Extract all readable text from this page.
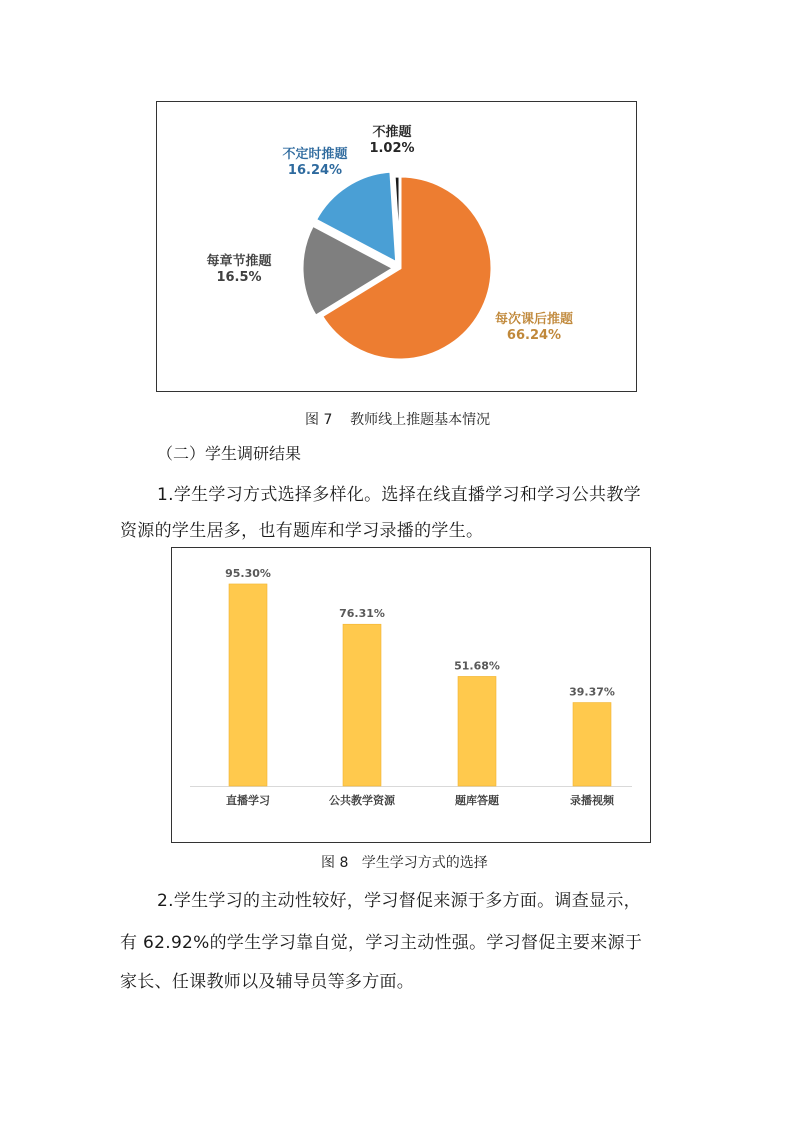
每次课后推题
66.24%
每章节推题
16.5%
不定时推题
16.24%
不推题
1.02%
图 7    教师线上推题基本情况
（二）学生调研结果
1.学生学习方式选择多样化。选择在线直播学习和学习公共教学
资源的学生居多，也有题库和学习录播的学生。
95.30%
直播学习
76.31%
公共教学资源
51.68%
题库答题
39.37%
录播视频
图 8   学生学习方式的选择
2.学生学习的主动性较好，学习督促来源于多方面。调查显示，
有 62.92%的学生学习靠自觉，学习主动性强。学习督促主要来源于
家长、任课教师以及辅导员等多方面。
